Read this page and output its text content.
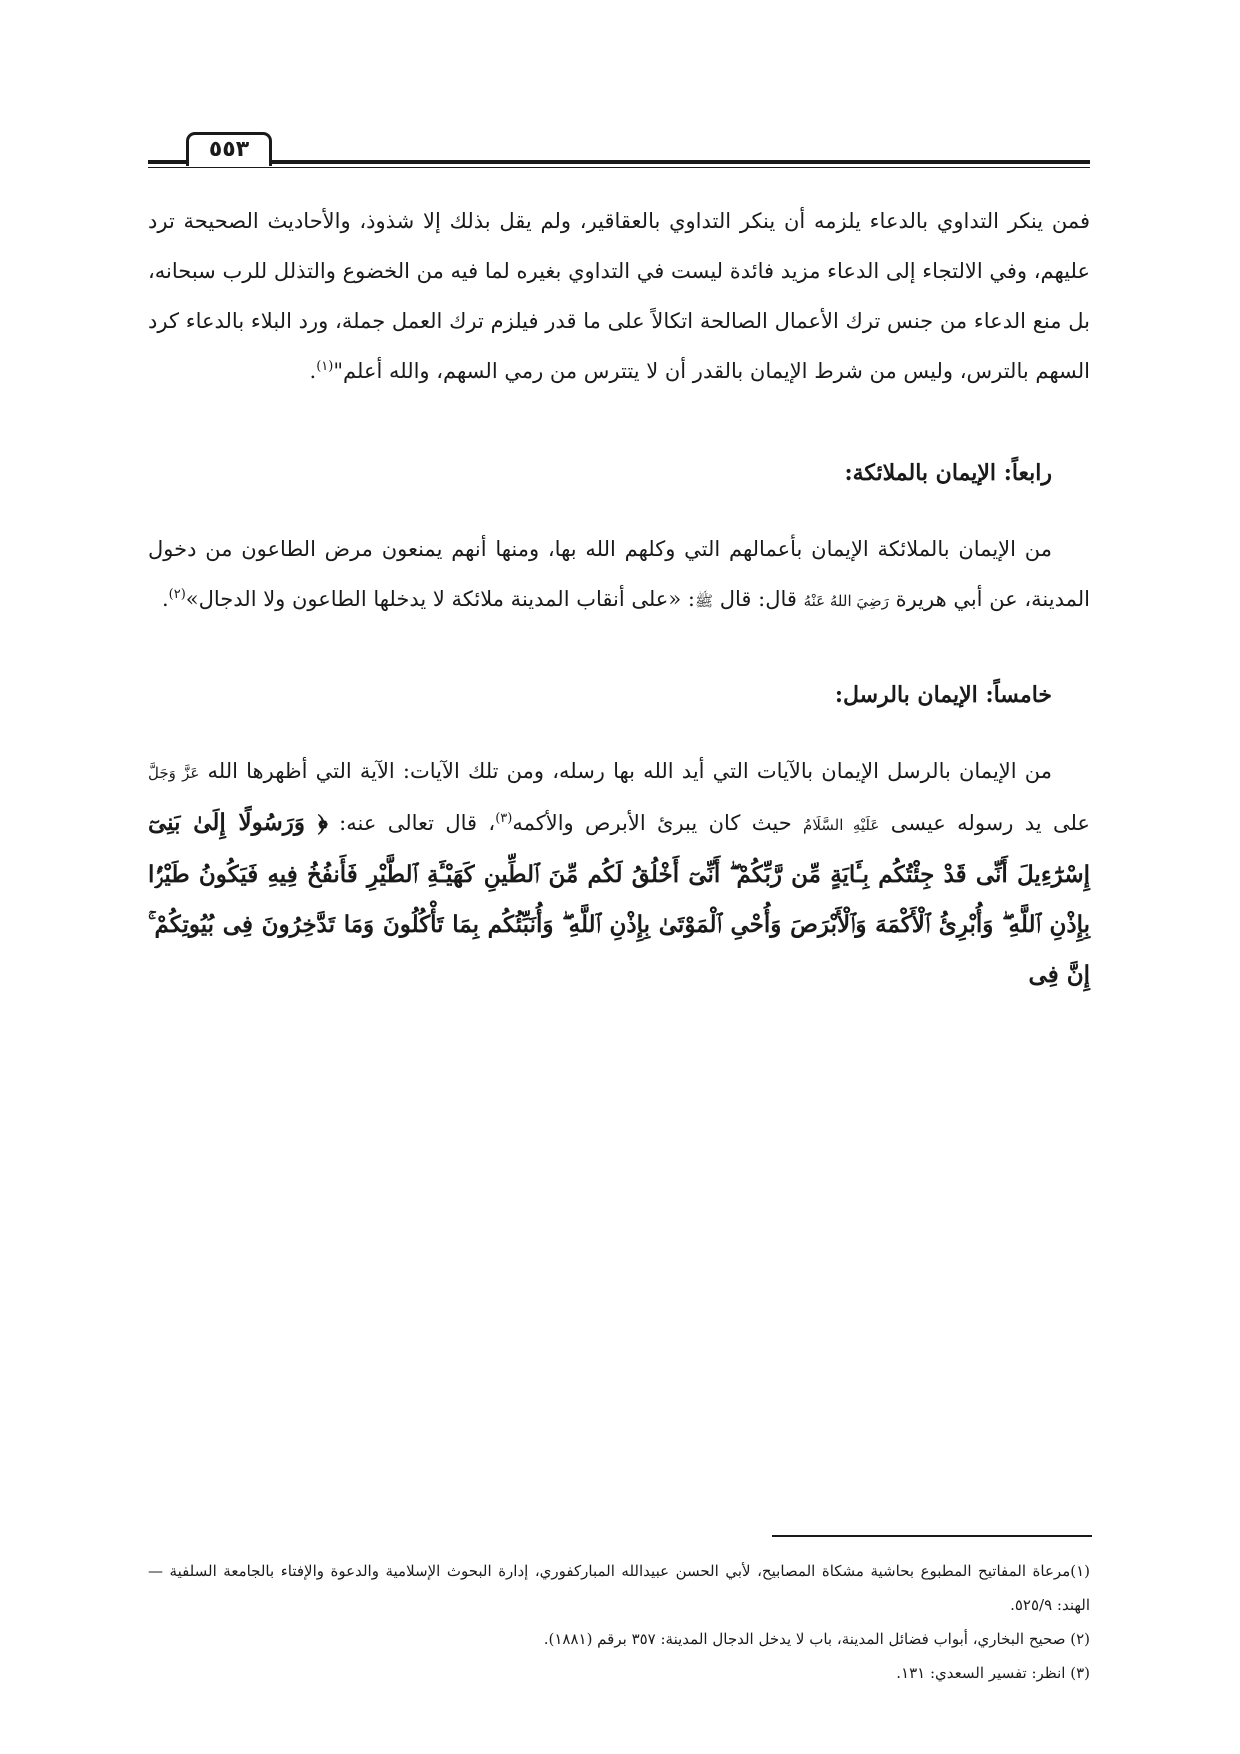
٥٥٣

فمن ينكر التداوي بالدعاء يلزمه أن ينكر التداوي بالعقاقير، ولم يقل بذلك إلا شذوذ، والأحاديث الصحيحة ترد عليهم، وفي الالتجاء إلى الدعاء مزيد فائدة ليست في التداوي بغيره لما فيه من الخضوع والتذلل للرب سبحانه، بل منع الدعاء من جنس ترك الأعمال الصالحة اتكالاً على ما قدر فيلزم ترك العمل جملة، ورد البلاء بالدعاء كرد السهم بالترس، وليس من شرط الإيمان بالقدر أن لا يتترس من رمي السهم، والله أعلم"$^{(١)}$.

رابعاً: الإيمان بالملائكة:

من الإيمان بالملائكة الإيمان بأعمالهم التي وكلهم الله بها، ومنها أنهم يمنعون مرض الطاعون من دخول المدينة، عن أبي هريرة رَضِيَ اللهُ عَنْهُ قال: قال ﷺ: «على أنقاب المدينة ملائكة لا يدخلها الطاعون ولا الدجال»$^{(٢)}$.

خامساً: الإيمان بالرسل:

من الإيمان بالرسل الإيمان بالآيات التي أيد الله بها رسله، ومن تلك الآيات: الآية التي أظهرها الله عَزَّ وَجَلَّ على يد رسوله عيسى عَلَيْهِ السَّلَامُ حيث كان يبرئ الأبرص والأكمه$^{(٣)}$، قال تعالى عنه: ﴿ وَرَسُولًا إِلَىٰ بَنِىٓ إِسْرَٰٓءِيلَ أَنِّى قَدْ جِئْتُكُم بِـَٔايَةٍ مِّن رَّبِّكُمْ ۖ أَنِّىٓ أَخْلُقُ لَكُم مِّنَ ٱلطِّينِ كَهَيْـَٔةِ ٱلطَّيْرِ فَأَنفُخُ فِيهِ فَيَكُونُ طَيْرًۢا بِإِذْنِ ٱللَّهِ ۖ وَأُبْرِئُ ٱلْأَكْمَهَ وَٱلْأَبْرَصَ وَأُحْىِ ٱلْمَوْتَىٰ بِإِذْنِ ٱللَّهِ ۖ وَأُنَبِّئُكُم بِمَا تَأْكُلُونَ وَمَا تَدَّخِرُونَ فِى بُيُوتِكُمْ ۚ إِنَّ فِى

(١)مرعاة المفاتيح المطبوع بحاشية مشكاة المصابيح، لأبي الحسن عبيدالله المباركفوري، إدارة البحوث الإسلامية والدعوة والإفتاء بالجامعة السلفية — الهند: ٥٢٥/٩.

(٢) صحيح البخاري، أبواب فضائل المدينة، باب لا يدخل الدجال المدينة: ٣٥٧ برقم (١٨٨١).

(٣) انظر: تفسير السعدي: ١٣١.
